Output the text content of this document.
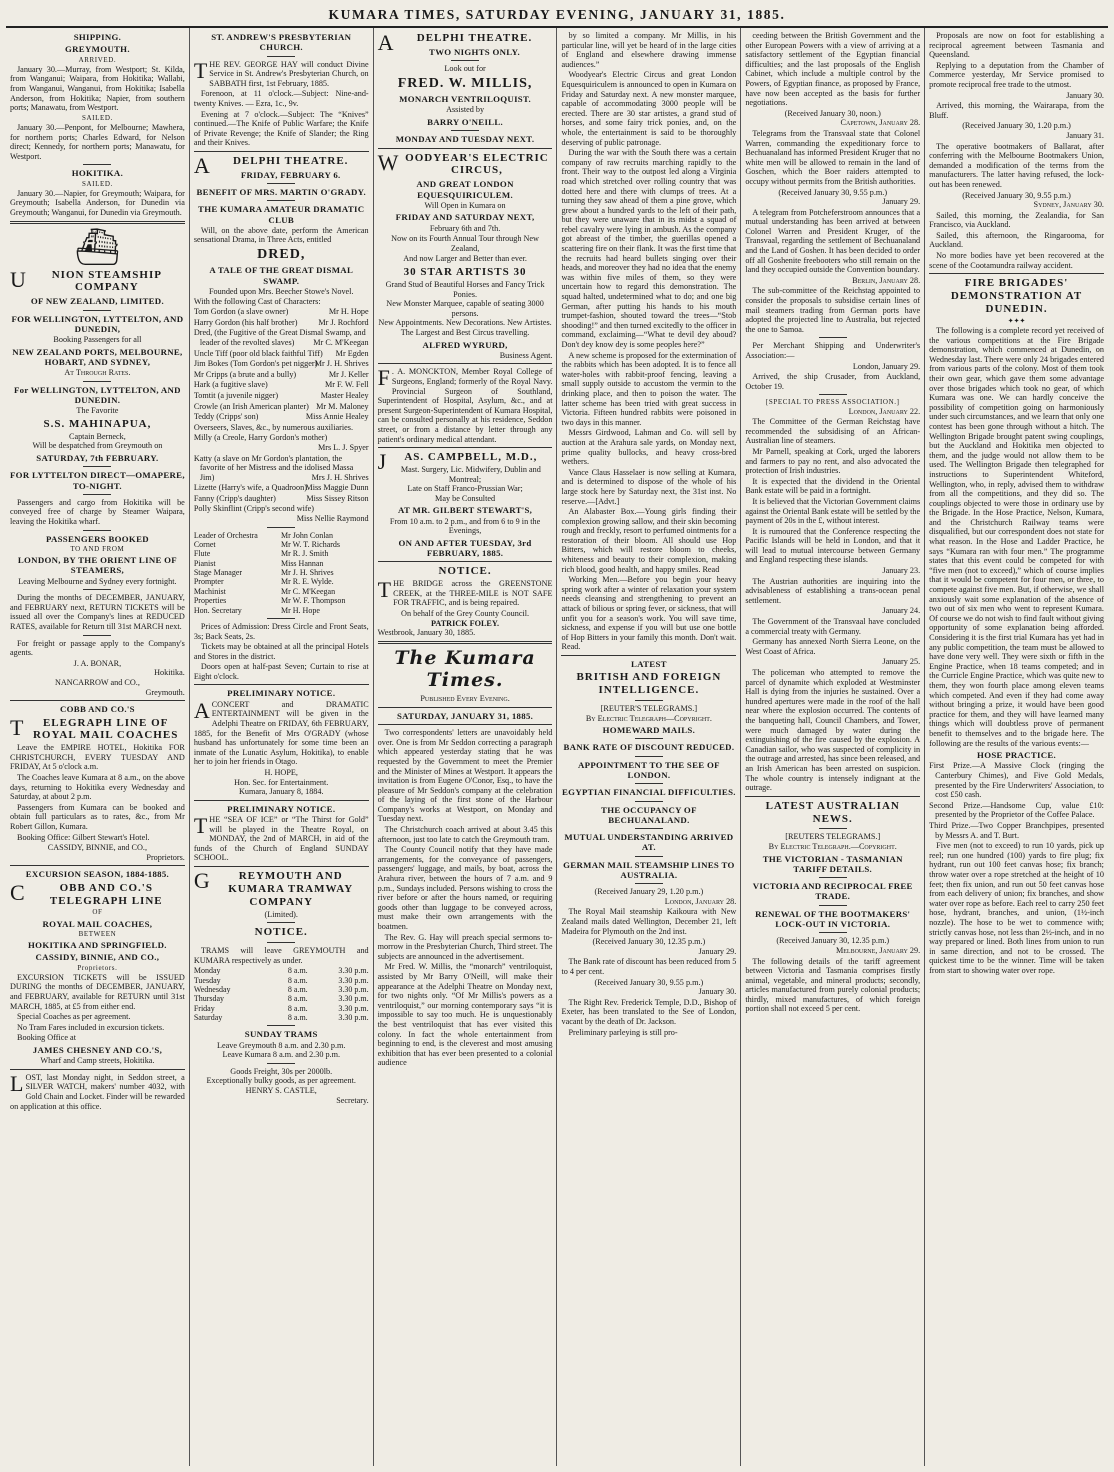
KUMARA TIMES, SATURDAY EVENING, JANUARY 31, 1885.
SHIPPING.
GREYMOUTH.
ARRIVED.

January 30.—Murray, from Westport; St. Kilda, from Wanganui; Waipara, from Hokitika; Wallabi, from Wanganui, Wanganui, from Hokitika; Isabella Anderson, from Hokitika; Napier, from southern ports; Manawatu, from Westport.

SAILED.

January 30.—Penpont, for Melbourne; Mawhera, for northern ports; Charles Edward, for Nelson direct; Kennedy, for northern ports; Manawatu, for Westport.

HOKITIKA.
SAILED.

January 30.—Napier, for Greymouth; Waipara, for Greymouth; Isabella Anderson, for Dunedin via Greymouth; Wanganui, for Dunedin via Greymouth.

⛴
U NION STEAMSHIP COMPANY
OF NEW ZEALAND, LIMITED.
FOR WELLINGTON, LYTTELTON, AND DUNEDIN,
Booking Passengers for all
NEW ZEALAND PORTS, MELBOURNE, HOBART, AND SYDNEY,
At Through Rates.
For WELLINGTON, LYTTELTON, AND DUNEDIN.
The Favorite
S.S. MAHINAPUA,
Captain Berneck,
Will be despatched from Greymouth on
SATURDAY, 7th FEBRUARY.
FOR LYTTELTON DIRECT—OMAPERE, TO-NIGHT.

Passengers and cargo from Hokitika will be conveyed free of charge by Steamer Waipara, leaving the Hokitika wharf.

PASSENGERS BOOKED
TO AND FROM
LONDON, BY THE ORIENT LINE OF STEAMERS,
Leaving Melbourne and Sydney every fortnight.

During the months of DECEMBER, JANUARY, and FEBRUARY next, RETURN TICKETS will be issued all over the Company's lines at REDUCED RATES, available for Return till 31st MARCH next.

For freight or passage apply to the Company's agents.

J. A. BONAR,
Hokitika.
NANCARROW and CO.,
Greymouth.
COBB AND CO.'S
T ELEGRAPH LINE OF ROYAL MAIL COACHES

Leave the EMPIRE HOTEL, Hokitika FOR CHRISTCHURCH, EVERY TUESDAY AND FRIDAY, At 5 o'clock a.m.

The Coaches leave Kumara at 8 a.m., on the above days, returning to Hokitika every Wednesday and Saturday, at about 2 p.m.

Passengers from Kumara can be booked and obtain full particulars as to rates, &c., from Mr Robert Gillon, Kumara.

Booking Office: Gilbert Stewart's Hotel.

CASSIDY, BINNIE, and CO.,
Proprietors.
EXCURSION SEASON, 1884-1885.
C	OBB AND CO.'S TELEGRAPH LINE
OF
ROYAL MAIL COACHES,
BETWEEN
HOKITIKA AND SPRINGFIELD.
CASSIDY, BINNIE, AND CO.,
Proprietors.

EXCURSION TICKETS will be ISSUED DURING the months of DECEMBER, JANUARY, and FEBRUARY, available for RETURN until 31st MARCH, 1885, at £5 from either end.

Special Coaches as per agreement.

No Tram Fares included in excursion tickets.

Booking Office at

JAMES CHESNEY AND CO.'S,
Wharf and Camp streets, Hokitika.

LOST, last Monday night, in Seddon street, a SILVER WATCH, makers' number 4032, with Gold Chain and Locket. Finder will be rewarded on application at this office.

ST. ANDREW'S PRESBYTERIAN CHURCH.

THE REV. GEORGE HAY will conduct Divine Service in St. Andrew's Presbyterian Church, on SABBATH first, 1st February, 1885.

Forenoon, at 11 o'clock.—Subject: Nine-and-twenty Knives. — Ezra, 1c., 9v.

Evening at 7 o'clock.—Subject: The “Knives” continued.—The Knife of Public Warfare; the Knife of Private Revenge; the Knife of Slander; the Ring and their Knives.

A DELPHI THEATRE.
FRIDAY, FEBRUARY 6.
BENEFIT OF MRS. MARTIN O'GRADY.
THE KUMARA AMATEUR DRAMATIC CLUB

Will, on the above date, perform the American sensational Drama, in Three Acts, entitled

DRED,
A TALE OF THE GREAT DISMAL SWAMP.
Founded upon Mrs. Beecher Stowe's Novel.
With the following Cast of Characters:
Tom Gordon (a slave owner)	Mr H. Hope
Harry Gordon (his half brother)	Mr J. Rochford
Dred, (the Fugitive of the Great Dismal Swamp, and leader of the revolted slaves) Mr C. M'Keegan
Uncle Tiff (poor old black faithful Tiff) Mr Egden
Jim Bokes (Tom Gordon's pet nigger)
Mr J. H. Shrives
Mr Cripps (a brute and a bully)	Mr J. Keller
Hark (a fugitive slave)	Mr F. W. Fell
Tomtit (a juvenile nigger)	Master Healey
Crowle (an Irish American planter) Mr M. Maloney
Teddy (Cripps' son)	Miss Annie Healey
Overseers, Slaves, &c., by numerous auxiliaries.
Milly (a Creole, Harry Gordon's mother)
Mrs L. J. Spyer
Katty (a slave on Mr Gordon's plantation, the favorite of her Mistress and the idolised Massa Jim)	Mrs J. H. Shrives
Lizette (Harry's wife, a Quadroon)
Miss Maggie Dunn
Fanny (Cripp's daughter)	Miss Sissey Ritson
Polly Skinflint (Cripp's second wife)
Miss Nellie Raymond
Leader of Orchestra	Mr John Conlan
Cornet	Mr W. T. Richards
Flute	Mr R. J. Smith
Pianist	Miss Hannan
Stage Manager	Mr J. H. Shrives
Prompter	Mr R. E. Wylde.
Machinist	Mr C. M'Keegan
Properties	Mr W. F. Thompson
Hon. Secretary	Mr H. Hope

Prices of Admission: Dress Circle and Front Seats, 3s; Back Seats, 2s.

Tickets may be obtained at all the principal Hotels and Stores in the district.

Doors open at half-past Seven; Curtain to rise at Eight o'clock.

PRELIMINARY NOTICE.

ACONCERT and DRAMATIC ENTERTAINMENT will be given in the Adelphi Theatre on FRIDAY, 6th FEBRUARY, 1885, for the Benefit of Mrs O'GRADY (whose husband has unfortunately for some time been an inmate of the Lunatic Asylum, Hokitika), to enable her to join her friends in Otago.

H. HOPE,
Hon. Sec. for Entertainment.
Kumara, January 8, 1884.
PRELIMINARY NOTICE.

THE “SEA OF ICE” or “The Thirst for Gold” will be played in the Theatre Royal, on MONDAY, the 2nd of MARCH, in aid of the funds of the Church of England SUNDAY SCHOOL.

G	REYMOUTH AND KUMARA TRAMWAY COMPANY
(Limited).
NOTICE.

TRAMS will leave GREYMOUTH and KUMARA respectively as under.

Monday	8 a.m.	3.30 p.m.
Tuesday	8 a.m.	3.30 p.m.
Wednesday	8 a.m.	3.30 p.m.
Thursday	8 a.m.	3.30 p.m.
Friday	8 a.m.	3.30 p.m.
Saturday	8 a.m.	3.30 p.m.
SUNDAY TRAMS
Leave Greymouth 8 a.m. and 2.30 p.m.
Leave Kumara 8 a.m. and 2.30 p.m.
Goods Freight, 30s per 2000lb.
Exceptionally bulky goods, as per agreement.
HENRY S. CASTLE,
Secretary.
A DELPHI THEATRE.
TWO NIGHTS ONLY.
Look out for
FRED. W. MILLIS,
MONARCH VENTRILOQUIST.
Assisted by
BARRY O'NEILL.
MONDAY AND TUESDAY NEXT.
WOODYEAR'S ELECTRIC CIRCUS,
AND GREAT LONDON EQUESQUIRICULEM.
Will Open in Kumara on
FRIDAY AND SATURDAY NEXT,
February 6th and 7th.

Now on its Fourth Annual Tour through New Zealand,

And now Larger and Better than ever.
30 STAR ARTISTS 30
Grand Stud of Beautiful Horses and Fancy Trick Ponies.
New Monster Marquee, capable of seating 3000 persons.
New Appointments. New Decorations. New Artistes.
The Largest and Best Circus travelling.
ALFRED WYRURD,
Business Agent.

F . A. MONCKTON, Member Royal College of Surgeons, England; formerly of the Royal Navy. Provincial Surgeon of Southland, Superintendent of Hospital, Asylum, &c., and at present Surgeon-Superintendent of Kumara Hospital, can be consulted personally at his residence, Seddon street, or from a distance by letter through any patient's ordinary medical attendant.

J AS. CAMPBELL, M.D.,
Mast. Surgery, Lic. Midwifery, Dublin and Montreal;
Late on Staff Franco-Prussian War;
May be Consulted
AT MR. GILBERT STEWART'S,
From 10 a.m. to 2 p.m., and from 6 to 9 in the Evenings,
ON AND AFTER TUESDAY, 3rd FEBRUARY, 1885.
NOTICE.

THE BRIDGE across the GREENSTONE CREEK, at the THREE-MILE is NOT SAFE FOR TRAFFIC, and is being repaired.

On behalf of the Grey County Council.
PATRICK FOLEY.
Westbrook, January 30, 1885.
The Kumara Times.
Published Every Evening.
SATURDAY, JANUARY 31, 1885.

Two correspondents' letters are unavoidably held over. One is from Mr Seddon correcting a paragraph which appeared yesterday stating that he was requested by the Government to meet the Premier and the Minister of Mines at Westport. It appears the invitation is from Eugene O'Conor, Esq., to have the pleasure of Mr Seddon's company at the celebration of the laying of the first stone of the Harbour Company's works at Westport, on Monday and Tuesday next.

The Christchurch coach arrived at about 3.45 this afternoon, just too late to catch the Greymouth tram.

The County Council notify that they have made arrangements, for the conveyance of passengers, passengers' luggage, and mails, by boat, across the Arahura river, between the hours of 7 a.m. and 9 p.m., Sundays included. Persons wishing to cross the river before or after the hours named, or requiring goods other than luggage to be conveyed across, must make their own arrangements with the boatmen.

The Rev. G. Hay will preach special sermons to-morrow in the Presbyterian Church, Third street. The subjects are announced in the advertisement.

Mr Fred. W. Millis, the “monarch” ventriloquist, assisted by Mr Barry O'Neill, will make their appearance at the Adelphi Theatre on Monday next, for two nights only. “Of Mr Millis's powers as a ventriloquist,” our morning contemporary says “it is impossible to say too much. He is unquestionably the best ventriloquist that has ever visited this colony. In fact the whole entertainment from beginning to end, is the cleverest and most amusing exhibition that has ever been presented to a colonial audience

by so limited a company. Mr Millis, in his particular line, will yet be heard of in the large cities of England and elsewhere drawing immense audiences.”

Woodyear's Electric Circus and great London Equesquiriculem is announced to open in Kumara on Friday and Saturday next. A new monster marquee, capable of accommodating 3000 people will be erected. There are 30 star artistes, a grand stud of horses, and some fairy trick ponies, and, on the whole, the entertainment is said to be thoroughly deserving of public patronage.

During the war with the South there was a certain company of raw recruits marching rapidly to the front. Their way to the outpost led along a Virginia road which stretched over rolling country that was dotted here and there with clumps of trees. At a turning they saw ahead of them a pine grove, which grew about a hundred yards to the left of their path, but they were unaware that in its midst a squad of rebel cavalry were lying in ambush. As the company got abreast of the timber, the guerillas opened a scattering fire on their flank. It was the first time that the recruits had heard bullets singing over their heads, and moreover they had no idea that the enemy was within five miles of them, so they were uncertain how to regard this demonstration. The squad halted, undetermined what to do; and one big German, after putting his hands to his mouth trumpet-fashion, shouted toward the trees—“Stob shooding!” and then turned excitedly to the officer in command, exclaiming—“What te devil dey aboud? Don't dey know dey is some peoples here?”

A new scheme is proposed for the extermination of the rabbits which has been adopted. It is to fence all water-holes with rabbit-proof fencing, leaving a small supply outside to accustom the vermin to the drinking place, and then to poison the water. The latter scheme has been tried with great success in Victoria. Fifteen hundred rabbits were poisoned in two days in this manner.

Messrs Girdwood, Lahman and Co. will sell by auction at the Arahura sale yards, on Monday next, prime quality bullocks, and heavy cross-bred wethers.

Vance Claus Hasselaer is now selling at Kumara, and is determined to dispose of the whole of his large stock here by Saturday next, the 31st inst. No reserve.—[Advt.]

An Alabaster Box.—Young girls finding their complexion growing sallow, and their skin becoming rough and freckly, resort to perfumed ointments for a restoration of their bloom. All should use Hop Bitters, which will restore bloom to cheeks, whiteness and beauty to their complexion, making rich blood, good health, and happy smiles. Read

Working Men.—Before you begin your heavy spring work after a winter of relaxation your system needs cleansing and strengthening to prevent an attack of bilious or spring fever, or sickness, that will unfit you for a season's work. You will save time, sickness, and expense if you will but use one bottle of Hop Bitters in your family this month. Don't wait. Read.

LATEST
BRITISH AND FOREIGN INTELLIGENCE.
[REUTER'S TELEGRAMS.]
By Electric Telegraph—Copyright.
HOMEWARD MAILS.
BANK RATE OF DISCOUNT REDUCED.
APPOINTMENT TO THE SEE OF LONDON.
EGYPTIAN FINANCIAL DIFFICULTIES.
THE OCCUPANCY OF BECHUANALAND.
MUTUAL UNDERSTANDING ARRIVED AT.
GERMAN MAIL STEAMSHIP LINES TO AUSTRALIA.
(Received January 29, 1.20 p.m.)
London, January 28.

The Royal Mail steamship Kaikoura with New Zealand mails dated Wellington, December 21, left Madeira for Plymouth on the 2nd inst.

(Received January 30, 12.35 p.m.)
January 29.

The Bank rate of discount has been reduced from 5 to 4 per cent.

(Received January 30, 9.55 p.m.)
January 30.

The Right Rev. Frederick Temple, D.D., Bishop of Exeter, has been translated to the See of London, vacant by the death of Dr. Jackson.

Preliminary parleying is still pro-

ceeding between the British Government and the other European Powers with a view of arriving at a satisfactory settlement of the Egyptian financial difficulties; and the last proposals of the English Cabinet, which include a multiple control by the Powers, of Egyptian finance, as proposed by France, have now been accepted as the basis for further negotiations.

(Received January 30, noon.)
Capetown, January 28.

Telegrams from the Transvaal state that Colonel Warren, commanding the expeditionary force to Bechuanaland has informed President Kruger that no white men will be allowed to remain in the land of Goschen, which the Boer raiders attempted to occupy without permits from the British authorities.

(Received January 30, 9.55 p.m.)
January 29.

A telegram from Potcheferstroom announces that a mutual understanding has been arrived at between Colonel Warren and President Kruger, of the Transvaal, regarding the settlement of Bechuanaland and the Land of Goshen. It has been decided to order off all Goshenite freebooters who still remain on the land they occupied outside the Convention boundary.

Berlin, January 28.

The sub-committee of the Reichstag appointed to consider the proposals to subsidise certain lines of mail steamers trading from German ports have adopted the projected line to Australia, but rejected the one to Samoa.

Per Merchant Shipping and Underwriter's Association:—

London, January 29.

Arrived, the ship Crusader, from Auckland, October 19.

[SPECIAL TO PRESS ASSOCIATION.]
London, January 22.

The Committee of the German Reichstag have recommended the subsidising of an African-Australian line of steamers.

Mr Parnell, speaking at Cork, urged the laborers and farmers to pay no rent, and also advocated the protection of Irish industries.

It is expected that the dividend in the Oriental Bank estate will be paid in a fortnight.

It is believed that the Victorian Government claims against the Oriental Bank estate will be settled by the payment of 20s in the £, without interest.

It is rumoured that the Conference respecting the Pacific Islands will be held in London, and that it will lead to mutual intercourse between Germany and England respecting these islands.

January 23.

The Austrian authorities are inquiring into the advisableness of establishing a trans-ocean penal settlement.

January 24.

The Government of the Transvaal have concluded a commercial treaty with Germany.

Germany has annexed North Sierra Leone, on the West Coast of Africa.

January 25.

The policeman who attempted to remove the parcel of dynamite which exploded at Westminster Hall is dying from the injuries he sustained. Over a hundred apertures were made in the roof of the hall near where the explosion occurred. The contents of the banqueting hall, Council Chambers, and Tower, were much damaged by water during the extinguishing of the fire caused by the explosion. A Canadian sailor, who was suspected of complicity in the outrage and arrested, has since been released, and an Irish American has been arrested on suspicion. The whole country is intensely indignant at the outrage.

LATEST AUSTRALIAN NEWS.
[REUTERS TELEGRAMS.]
By Electric Telegraph.—Copyright.
THE VICTORIAN - TASMANIAN TARIFF DETAILS.
VICTORIA AND RECIPROCAL FREE TRADE.
RENEWAL OF THE BOOTMAKERS' LOCK-OUT IN VICTORIA.
(Received January 30, 12.35 p.m.)
Melbourne, January 29.

The following details of the tariff agreement between Victoria and Tasmania comprises firstly animal, vegetable, and mineral products; secondly, articles manufactured from purely colonial products; thirdly, mixed manufactures, of which foreign portion shall not exceed 5 per cent.

Proposals are now on foot for establishing a reciprocal agreement between Tasmania and Queensland.

Replying to a deputation from the Chamber of Commerce yesterday, Mr Service promised to promote reciprocal free trade to the utmost.

January 30.

Arrived, this morning, the Wairarapa, from the Bluff.

(Received January 30, 1.20 p.m.)
January 31.

The operative bootmakers of Ballarat, after conferring with the Melbourne Bootmakers Union, demanded a modification of the terms from the manufacturers. The latter having refused, the lock-out has been renewed.

(Received January 30, 9.55 p.m.)
Sydney, January 30.

Sailed, this morning, the Zealandia, for San Francisco, via Auckland.

Sailed, this afternoon, the Ringarooma, for Auckland.

No more bodies have yet been recovered at the scene of the Cootamundra railway accident.

FIRE BRIGADES' DEMONSTRATION AT DUNEDIN.
✦✦✦

The following is a complete record yet received of the various competitions at the Fire Brigade demonstration, which commenced at Dunedin, on Wednesday last. There were only 24 brigades entered from various parts of the colony. Most of them took their own gear, which gave them some advantage over those brigades which took no gear, of which Kumara was one. We can hardly conceive the possibility of competition going on harmoniously under such circumstances, and we learn that only one contest has been gone through without a hitch. The Wellington Brigade brought patent swing couplings, but the Auckland and Hokitika men objected to them, and the judge would not allow them to be used. The Wellington Brigade then telegraphed for instructions to Superintendent Whiteford, Wellington, who, in reply, advised them to withdraw from all the competitions, and they did so. The couplings objected to were those in ordinary use by the Brigade. In the Hose Practice, Nelson, Kumara, and the Christchurch Railway teams were disqualified, but our correspondent does not state for what reason. In the Hose and Ladder Practice, he says “Kumara ran with four men.” The programme states that this event could be competed for with “five men (not to exceed),” which of course implies that it would be competent for four men, or three, to compete against five men. But, if otherwise, we shall anxiously wait some explanation of the absence of two out of six men who went to represent Kumara. Of course we do not wish to find fault without giving opportunity of some explanation being afforded. Considering it is the first trial Kumara has yet had in any public competition, the team must be allowed to have done very well. They were sixth or fifth in the Engine Practice, when 18 teams competed; and in the Curricle Engine Practice, which was quite new to them, they won fourth place among eleven teams which competed. And even if they had come away without bringing a prize, it would have been good practice for them, and they will have learned many things which will doubtless prove of permanent benefit to themselves and to the brigade here. The following are the results of the various events:—

HOSE PRACTICE.

First Prize.—A Massive Clock (ringing the Canterbury Chimes), and Five Gold Medals, presented by the Fire Underwriters' Association, to cost £50 cash.

Second Prize.—Handsome Cup, value £10: presented by the Proprietor of the Coffee Palace.

Third Prize.—Two Copper Branchpipes, presented by Messrs A. and T. Burt.

Five men (not to exceed) to run 10 yards, pick up reel; run one hundred (100) yards to fire plug; fix hydrant, run out 100 feet canvas hose; fix branch; throw water over a rope stretched at the height of 10 feet; then fix union, and run out 50 feet canvas hose from each delivery of union; fix branches, and show water over rope as before. Each reel to carry 250 feet hose, hydrant, branches, and union, (1½-inch nozzle). The hose to be wet to commence with; strictly canvas hose, not less than 2½-inch, and in no way prepared or lined. Both lines from union to run in same direction, and not to be crossed. The quickest time to be the winner. Time will be taken from start to showing water over rope.
